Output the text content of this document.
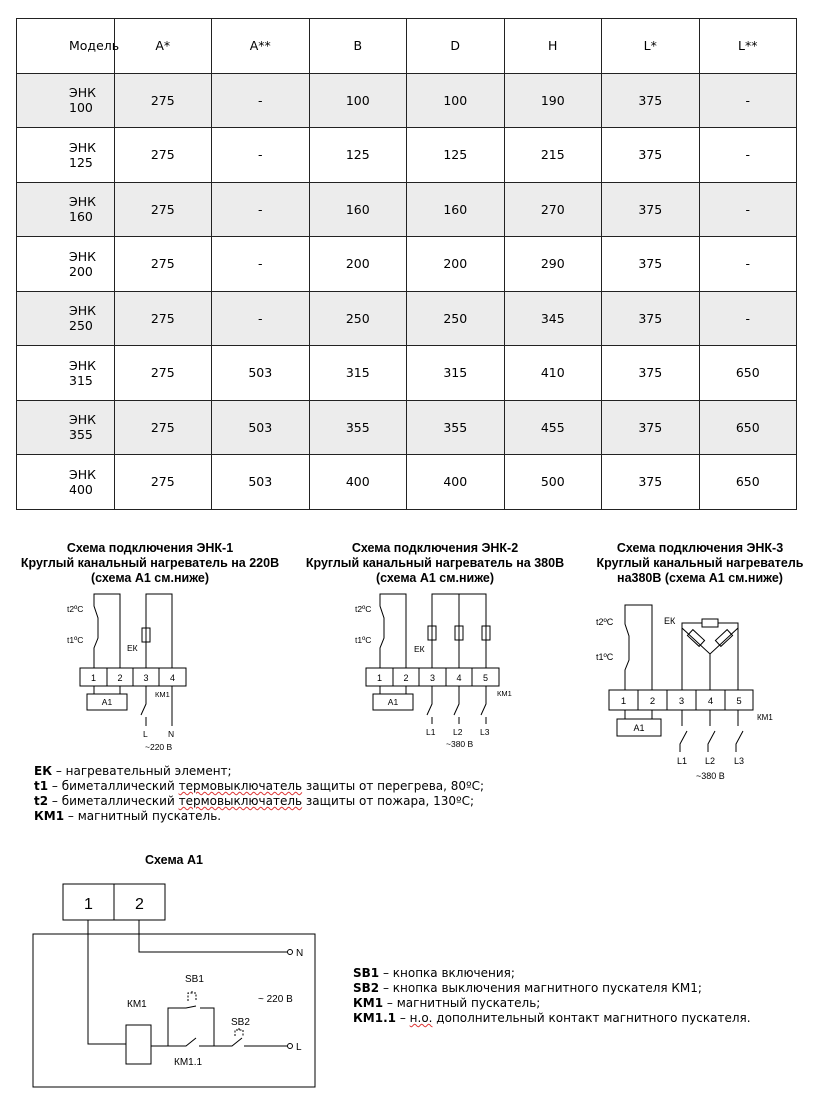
Модель	A*	A**	B	D	H	L*	L**
ЭНК 100	275	-	100	100	190	375	-
ЭНК 125	275	-	125	125	215	375	-
ЭНК 160	275	-	160	160	270	375	-
ЭНК 200	275	-	200	200	290	375	-
ЭНК 250	275	-	250	250	345	375	-
ЭНК 315	275	503	315	315	410	375	650
ЭНК 355	275	503	355	355	455	375	650
ЭНК 400	275	503	400	400	500	375	650
Схема подключения ЭНК-1
Круглый канальный нагреватель на 220В
(схема А1 см.ниже)
Схема подключения ЭНК-2
Круглый канальный нагреватель на 380В
(схема А1 см.ниже)
Схема подключения ЭНК-3
Круглый канальный нагреватель
на380В (схема А1 см.ниже)
t2ºC
t1ºC
ЕК
1 2 3 4
А1
КМ1
L N
~220 В
t2ºC
t1ºC
ЕК
1 2 3 4 5
А1
КМ1
L1 L2 L3
~380 В
t2ºC
t1ºC
ЕК
1 2 3 4 5
А1
КМ1
L1 L2 L3
~380 В
Схема А1
1	2
N
КМ1
SB1
SB2
КМ1.1
L
~ 220 В
ЕК – нагревательный элемент;
t1 – биметаллический термовыключатель защиты от перегрева, 80ºС;
t2 – биметаллический термовыключатель защиты от пожара, 130ºС;
КМ1 – магнитный пускатель.
SB1 – кнопка включения;
SB2 – кнопка выключения магнитного пускателя КМ1;
КМ1 – магнитный пускатель;
КМ1.1 – н.о. дополнительный контакт магнитного пускателя.
